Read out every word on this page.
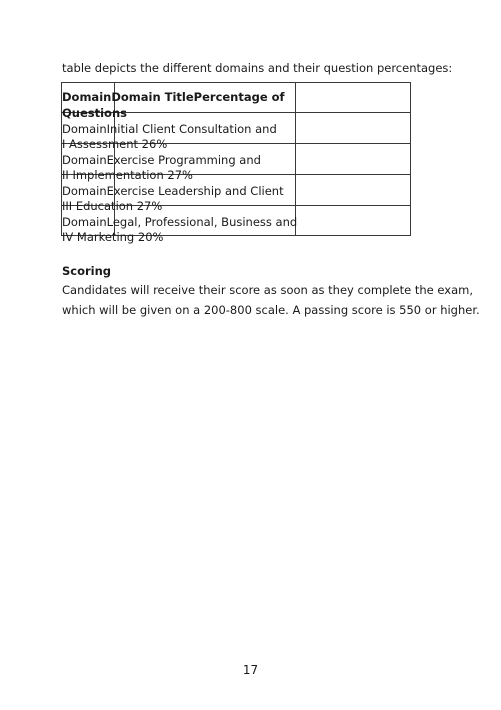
table depicts the different domains and their question percentages:

DomainDomain TitlePercentage of

Questions

DomainInitial Client Consultation and

I Assessment 26%

DomainExercise Programming and

II Implementation 27%

DomainExercise Leadership and Client

III Education 27%

DomainLegal, Professional, Business and

IV Marketing 20%

Scoring

Candidates will receive their score as soon as they complete the exam,
which will be given on a 200-800 scale. A passing score is 550 or higher.

17
